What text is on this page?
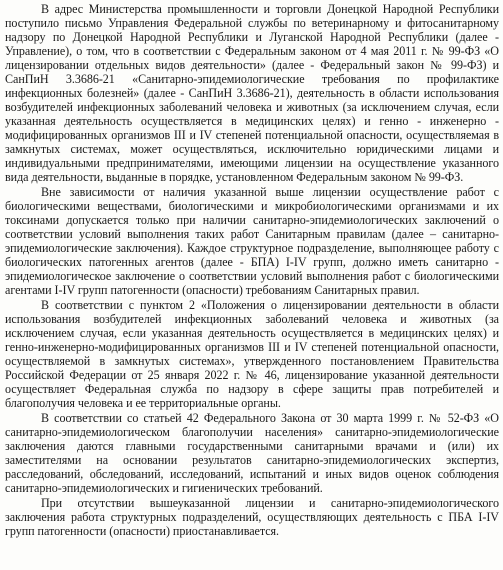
В адрес Министерства промышленности и торговли Донецкой Народной Республики поступило письмо Управления Федеральной службы по ветеринарному и фитосанитарному надзору по Донецкой Народной Республики и Луганской Народной Республики (далее - Управление), о том, что в соответствии с Федеральным законом от 4 мая 2011 г. № 99-ФЗ «О лицензировании отдельных видов деятельности» (далее - Федеральный закон № 99-ФЗ) и СанПиН 3.3686-21 «Санитарно-эпидемиологические требования по профилактике инфекционных болезней» (далее - СанПиН 3.3686-21), деятельность в области использования возбудителей инфекционных заболеваний человека и животных (за исключением случая, если указанная деятельность осуществляется в медицинских целях) и генно - инженерно - модифицированных организмов III и IV степеней потенциальной опасности, осуществляемая в замкнутых системах, может осуществляться, исключительно юридическими лицами и индивидуальными предпринимателями, имеющими лицензии на осуществление указанного вида деятельности, выданные в порядке, установленном Федеральным законом № 99-ФЗ.

Вне зависимости от наличия указанной выше лицензии осуществление работ с биологическими веществами, биологическими и микробиологическими организмами и их токсинами допускается только при наличии санитарно-эпидемиологических заключений о соответствии условий выполнения таких работ Санитарным правилам (далее – санитарно-эпидемиологические заключения). Каждое структурное подразделение, выполняющее работу с биологических патогенных агентов (далее - БПА) I-IV групп, должно иметь санитарно - эпидемиологическое заключение о соответствии условий выполнения работ с биологическими агентами I-IV групп патогенности (опасности) требованиям Санитарных правил.

В соответствии с пунктом 2 «Положения о лицензировании деятельности в области использования возбудителей инфекционных заболеваний человека и животных (за исключением случая, если указанная деятельность осуществляется в медицинских целях) и генно-инженерно-модифицированных организмов III и IV степеней потенциальной опасности, осуществляемой в замкнутых системах», утвержденного постановлением Правительства Российской Федерации от 25 января 2022 г. № 46, лицензирование указанной деятельности осуществляет Федеральная служба по надзору в сфере защиты прав потребителей и благополучия человека и ее территориальные органы.

В соответствии со статьей 42 Федерального Закона от 30 марта 1999 г. № 52-ФЗ «О санитарно-эпидемиологическом благополучии населения» санитарно-эпидемиологические заключения даются главными государственными санитарными врачами и (или) их заместителями на основании результатов санитарно-эпидемиологических экспертиз, расследований, обследований, исследований, испытаний и иных видов оценок соблюдения санитарно-эпидемиологических и гигиенических требований.

При отсутствии вышеуказанной лицензии и санитарно-эпидемиологического заключения работа структурных подразделений, осуществляющих деятельность с ПБА I-IV групп патогенности (опасности) приостанавливается.
